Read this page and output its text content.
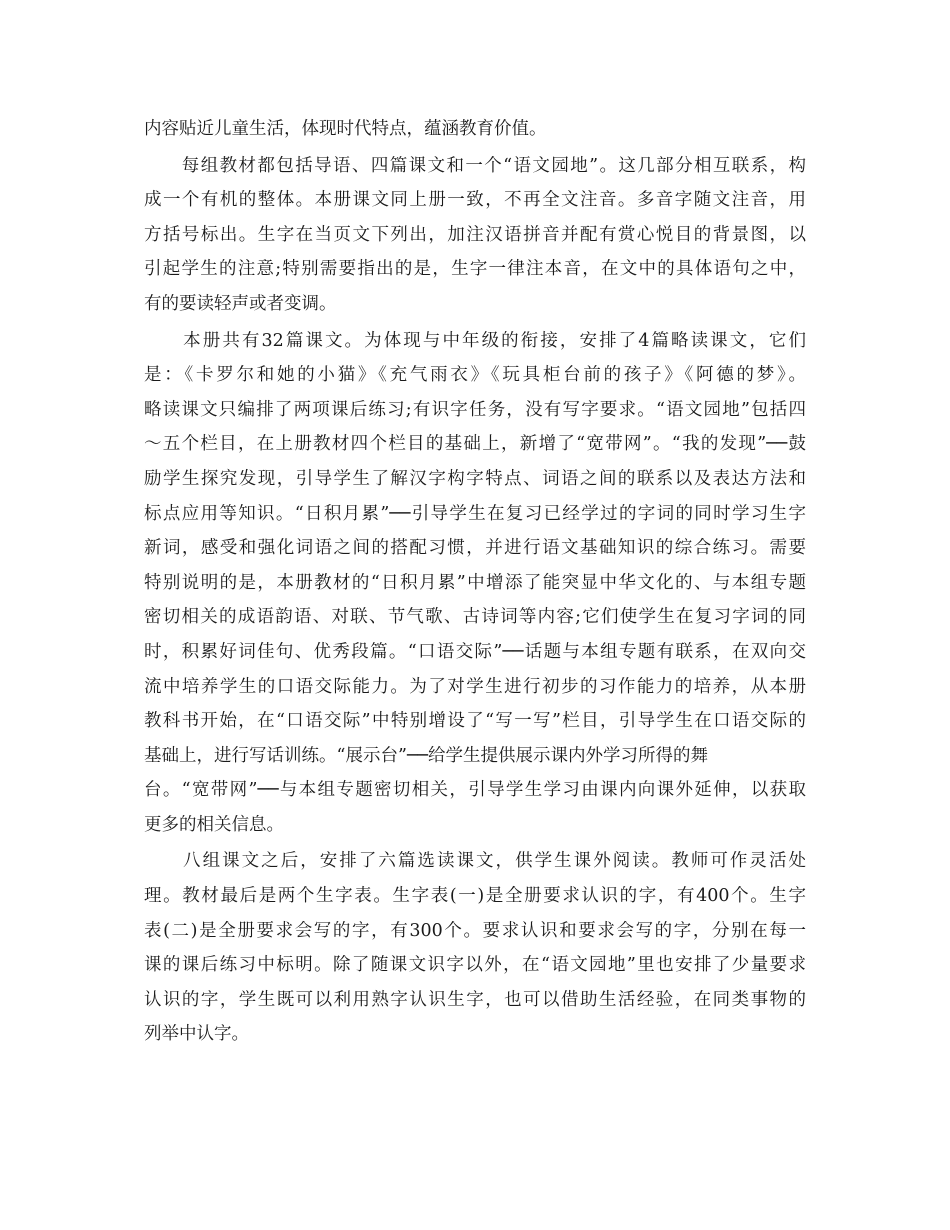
内容贴近儿童生活，体现时代特点，蕴涵教育价值。
　　每组教材都包括导语、四篇课文和一个“语文园地”。这几部分相互联系，构
成一个有机的整体。本册课文同上册一致，不再全文注音。多音字随文注音，用
方括号标出。生字在当页文下列出，加注汉语拼音并配有赏心悦目的背景图，以
引起学生的注意;特别需要指出的是，生字一律注本音，在文中的具体语句之中，
有的要读轻声或者变调。
　　本册共有32篇课文。为体现与中年级的衔接，安排了4篇略读课文，它们
是：《卡罗尔和她的小猫》《充气雨衣》《玩具柜台前的孩子》《阿德的梦》。
略读课文只编排了两项课后练习;有识字任务，没有写字要求。“语文园地”包括四
～五个栏目，在上册教材四个栏目的基础上，新增了“宽带网”。“我的发现”──鼓
励学生探究发现，引导学生了解汉字构字特点、词语之间的联系以及表达方法和
标点应用等知识。“日积月累”──引导学生在复习已经学过的字词的同时学习生字
新词，感受和强化词语之间的搭配习惯，并进行语文基础知识的综合练习。需要
特别说明的是，本册教材的“日积月累”中增添了能突显中华文化的、与本组专题
密切相关的成语韵语、对联、节气歌、古诗词等内容;它们使学生在复习字词的同
时，积累好词佳句、优秀段篇。“口语交际”──话题与本组专题有联系，在双向交
流中培养学生的口语交际能力。为了对学生进行初步的习作能力的培养，从本册
教科书开始，在“口语交际”中特别增设了“写一写”栏目，引导学生在口语交际的
基础上，进行写话训练。“展示台”──给学生提供展示课内外学习所得的舞
台。“宽带网”──与本组专题密切相关，引导学生学习由课内向课外延伸，以获取
更多的相关信息。
　　八组课文之后，安排了六篇选读课文，供学生课外阅读。教师可作灵活处
理。教材最后是两个生字表。生字表(一)是全册要求认识的字，有400个。生字
表(二)是全册要求会写的字，有300个。要求认识和要求会写的字，分别在每一
课的课后练习中标明。除了随课文识字以外，在“语文园地”里也安排了少量要求
认识的字，学生既可以利用熟字认识生字，也可以借助生活经验，在同类事物的
列举中认字。
